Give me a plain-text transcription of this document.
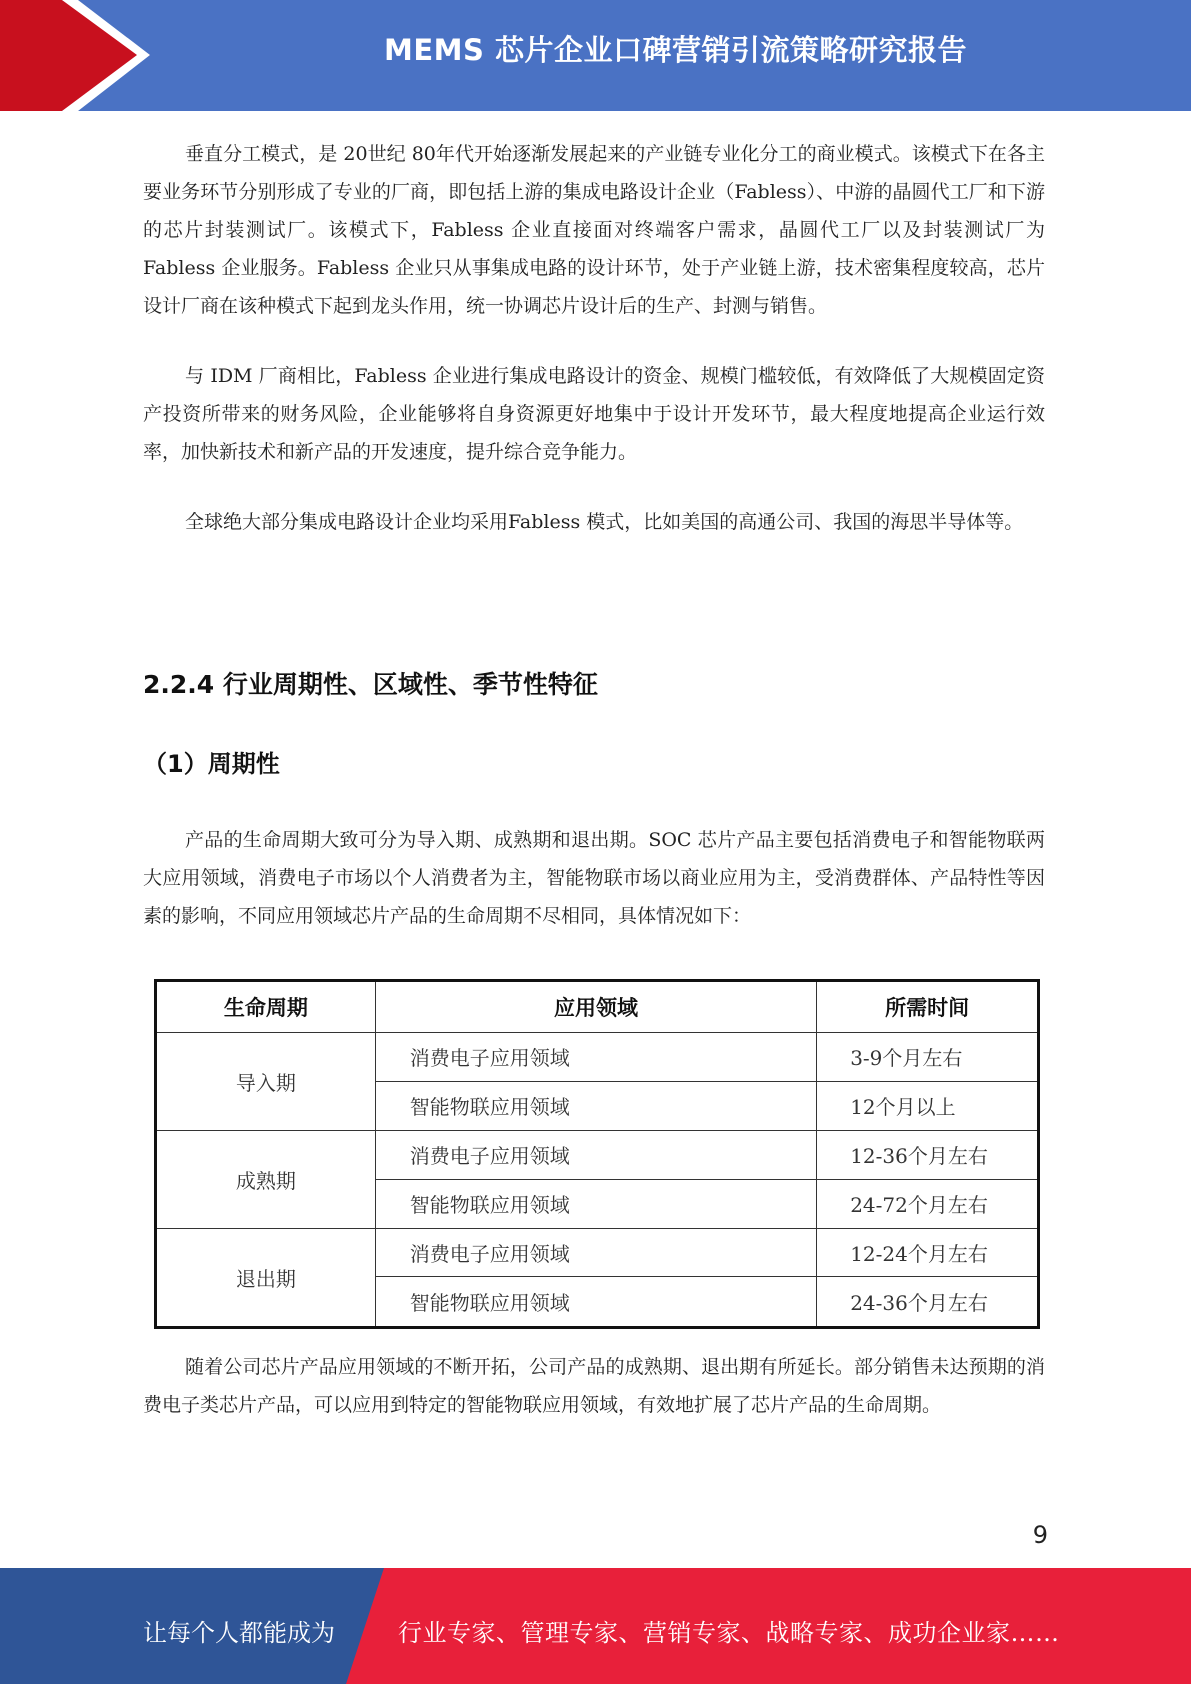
MEMS 芯片企业口碑营销引流策略研究报告

垂直分工模式，是 20世纪 80年代开始逐渐发展起来的产业链专业化分工的商业模式。该模式下在各主要业务环节分别形成了专业的厂商，即包括上游的集成电路设计企业（Fabless）、中游的晶圆代工厂和下游的芯片封装测试厂。该模式下，Fabless 企业直接面对终端客户需求，晶圆代工厂以及封装测试厂为Fabless 企业服务。Fabless 企业只从事集成电路的设计环节，处于产业链上游，技术密集程度较高，芯片设计厂商在该种模式下起到龙头作用，统一协调芯片设计后的生产、封测与销售。

与 IDM 厂商相比，Fabless 企业进行集成电路设计的资金、规模门槛较低，有效降低了大规模固定资产投资所带来的财务风险，企业能够将自身资源更好地集中于设计开发环节，最大程度地提高企业运行效率，加快新技术和新产品的开发速度，提升综合竞争能力。

全球绝大部分集成电路设计企业均采用Fabless 模式，比如美国的高通公司、我国的海思半导体等。

2.2.4 行业周期性、区域性、季节性特征
（1）周期性

产品的生命周期大致可分为导入期、成熟期和退出期。SOC 芯片产品主要包括消费电子和智能物联两大应用领域，消费电子市场以个人消费者为主，智能物联市场以商业应用为主，受消费群体、产品特性等因素的影响，不同应用领域芯片产品的生命周期不尽相同，具体情况如下：

生命周期	应用领域	所需时间
导入期	消费电子应用领域	3-9个月左右
	智能物联应用领域	12个月以上
成熟期	消费电子应用领域	12-36个月左右
	智能物联应用领域	24-72个月左右
退出期	消费电子应用领域	12-24个月左右
	智能物联应用领域	24-36个月左右

随着公司芯片产品应用领域的不断开拓，公司产品的成熟期、退出期有所延长。部分销售未达预期的消费电子类芯片产品，可以应用到特定的智能物联应用领域，有效地扩展了芯片产品的生命周期。

9
让每个人都能成为	行业专家、管理专家、营销专家、战略专家、成功企业家……
